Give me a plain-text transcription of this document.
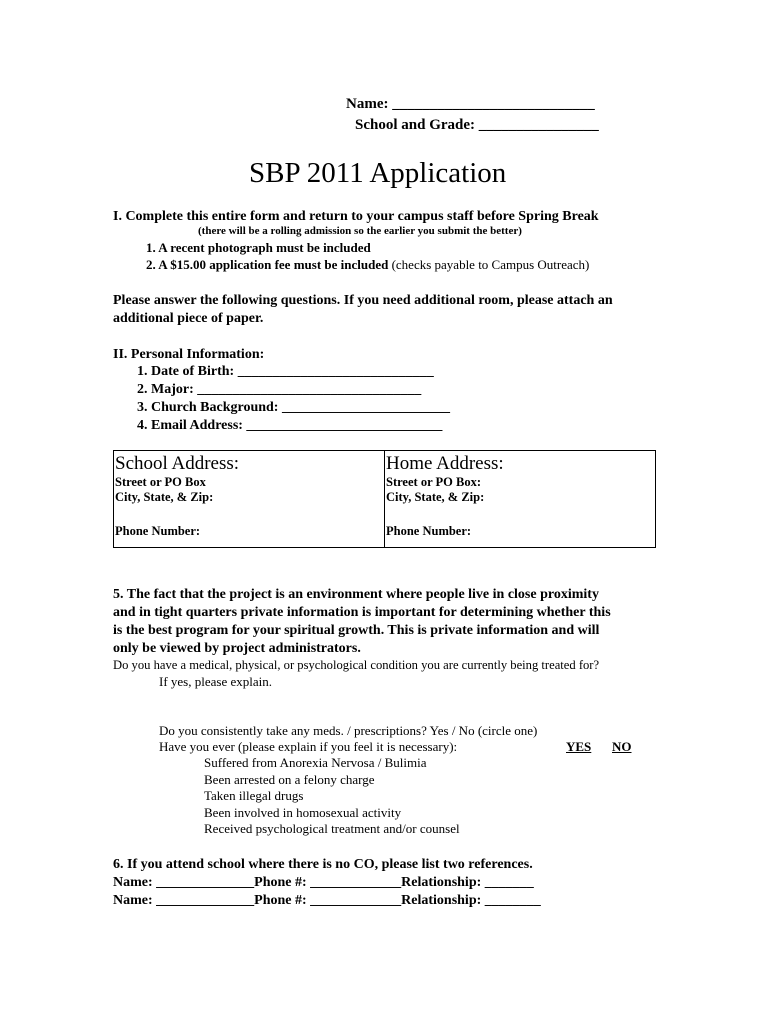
Name: ___________________________
School and Grade: ________________
SBP 2011 Application
I. Complete this entire form and return to your campus staff before Spring Break
(there will be a rolling admission so the earlier you submit the better)
1. A recent photograph must be included
2. A $15.00 application fee must be included (checks payable to Campus Outreach)
Please answer the following questions. If you need additional room, please attach an
additional piece of paper.
II. Personal Information:
1. Date of Birth: ____________________________
2. Major: ________________________________
3. Church Background: ________________________
4. Email Address: ____________________________
School Address:
Street or PO Box
City, State, & Zip:
Phone Number:
Home Address:
Street or PO Box:
City, State, & Zip:
Phone Number:
5. The fact that the project is an environment where people live in close proximity
and in tight quarters private information is important for determining whether this
is the best program for your spiritual growth. This is private information and will
only be viewed by project administrators.
Do you have a medical, physical, or psychological condition you are currently being treated for?
If yes, please explain.
Do you consistently take any meds. / prescriptions? Yes / No (circle one)
Have you ever (please explain if you feel it is necessary):	YES NO
Suffered from Anorexia Nervosa / Bulimia
Been arrested on a felony charge
Taken illegal drugs
Been involved in homosexual activity
Received psychological treatment and/or counsel
6. If you attend school where there is no CO, please list two references.
Name: ______________Phone #: _____________Relationship: _______
Name: ______________Phone #: _____________Relationship: ________
